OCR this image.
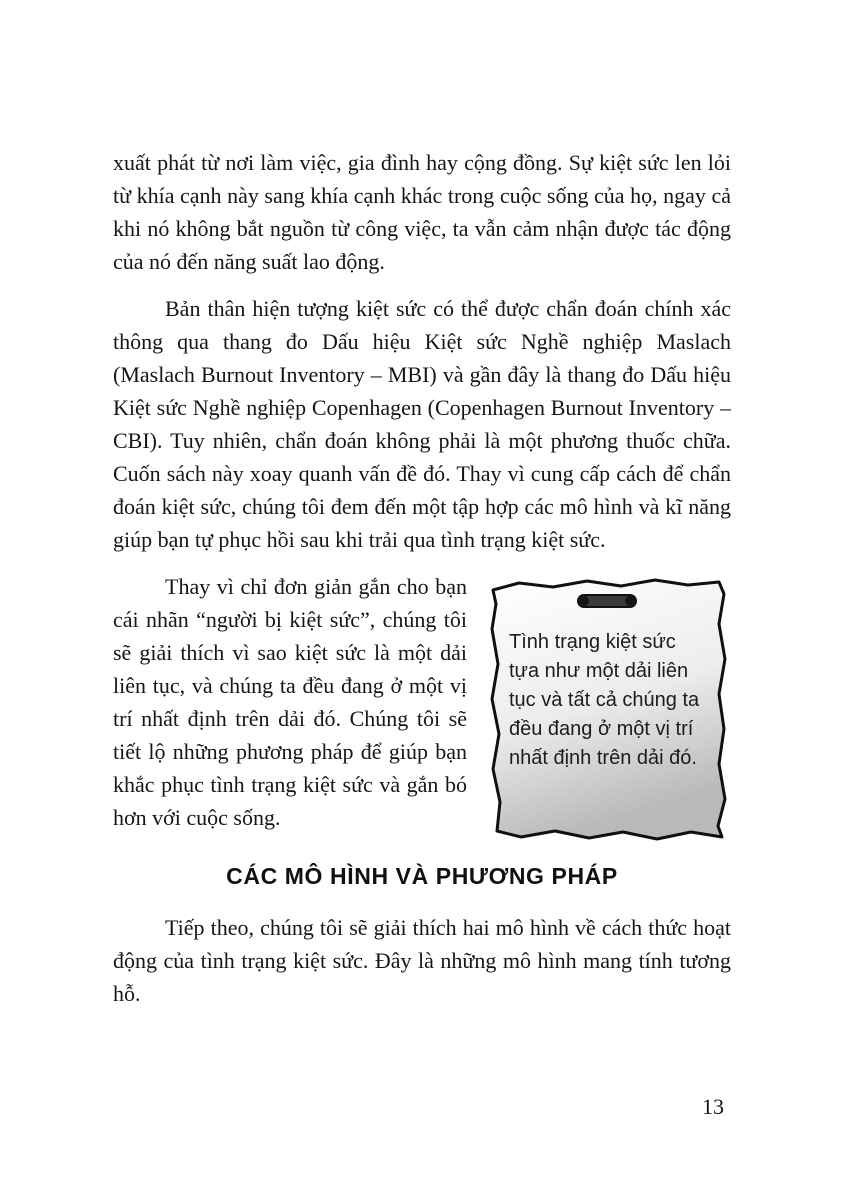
xuất phát từ nơi làm việc, gia đình hay cộng đồng. Sự kiệt sức len lỏi từ khía cạnh này sang khía cạnh khác trong cuộc sống của họ, ngay cả khi nó không bắt nguồn từ công việc, ta vẫn cảm nhận được tác động của nó đến năng suất lao động.

Bản thân hiện tượng kiệt sức có thể được chẩn đoán chính xác thông qua thang đo Dấu hiệu Kiệt sức Nghề nghiệp Maslach (Maslach Burnout Inventory – MBI) và gần đây là thang đo Dấu hiệu Kiệt sức Nghề nghiệp Copenhagen (Copenhagen Burnout Inventory – CBI). Tuy nhiên, chẩn đoán không phải là một phương thuốc chữa. Cuốn sách này xoay quanh vấn đề đó. Thay vì cung cấp cách để chẩn đoán kiệt sức, chúng tôi đem đến một tập hợp các mô hình và kĩ năng giúp bạn tự phục hồi sau khi trải qua tình trạng kiệt sức.

Tình trạng kiệt sức tựa như một dải liên tục và tất cả chúng ta đều đang ở một vị trí nhất định trên dải đó.
Thay vì chỉ đơn giản gắn cho bạn cái nhãn “người bị kiệt sức”, chúng tôi sẽ giải thích vì sao kiệt sức là một dải liên tục, và chúng ta đều đang ở một vị trí nhất định trên dải đó. Chúng tôi sẽ tiết lộ những phương pháp để giúp bạn khắc phục tình trạng kiệt sức và gắn bó hơn với cuộc sống.
CÁC MÔ HÌNH VÀ PHƯƠNG PHÁP

Tiếp theo, chúng tôi sẽ giải thích hai mô hình về cách thức hoạt động của tình trạng kiệt sức. Đây là những mô hình mang tính tương hỗ.

13
